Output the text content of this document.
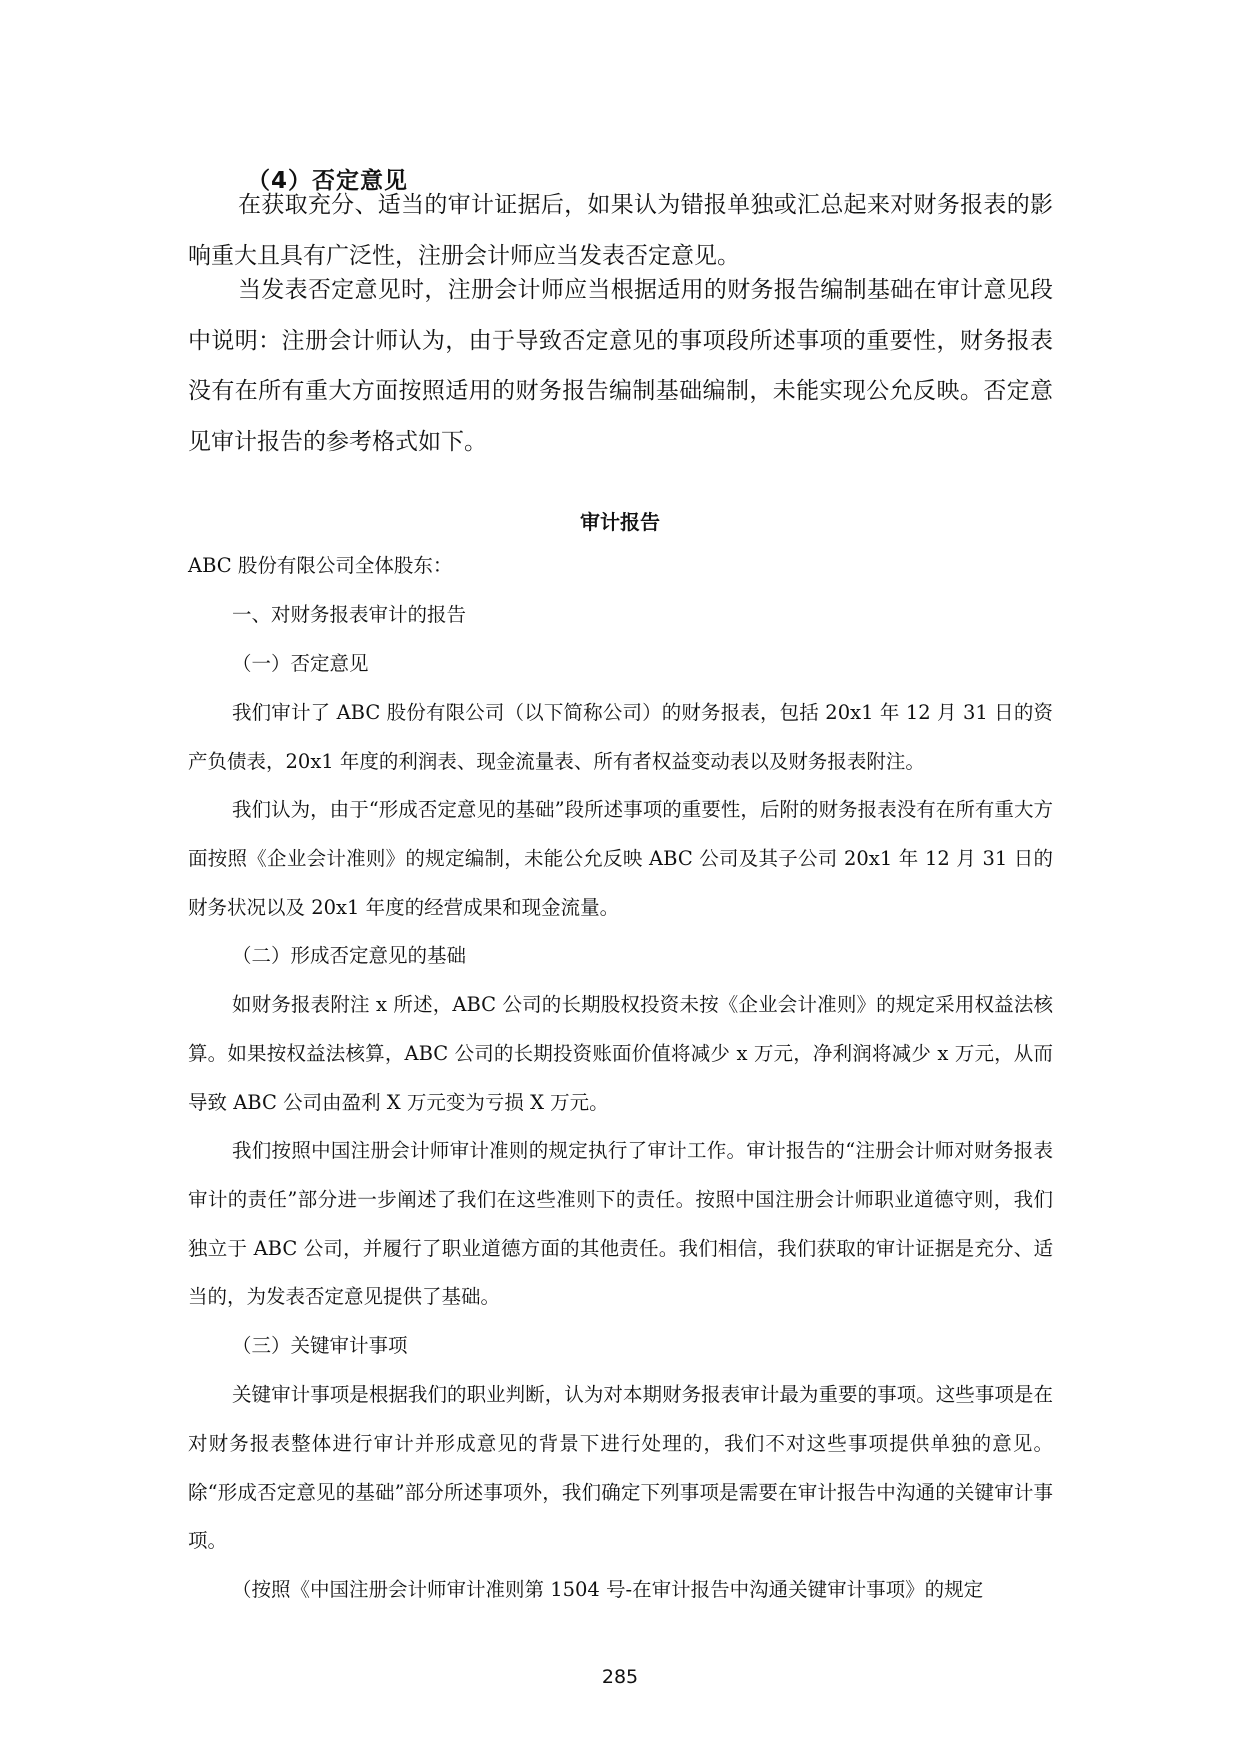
（4）否定意见
在获取充分、适当的审计证据后，如果认为错报单独或汇总起来对财务报表的影响重大且具有广泛性，注册会计师应当发表否定意见。
当发表否定意见时，注册会计师应当根据适用的财务报告编制基础在审计意见段中说明：注册会计师认为，由于导致否定意见的事项段所述事项的重要性，财务报表没有在所有重大方面按照适用的财务报告编制基础编制，未能实现公允反映。否定意见审计报告的参考格式如下。
审计报告
ABC 股份有限公司全体股东：
一、对财务报表审计的报告
（一）否定意见
我们审计了 ABC 股份有限公司（以下简称公司）的财务报表，包括 20x1 年 12 月 31 日的资产负债表，20x1 年度的利润表、现金流量表、所有者权益变动表以及财务报表附注。
我们认为，由于“形成否定意见的基础”段所述事项的重要性，后附的财务报表没有在所有重大方面按照《企业会计准则》的规定编制，未能公允反映 ABC 公司及其子公司 20x1 年 12 月 31 日的财务状况以及 20x1 年度的经营成果和现金流量。
（二）形成否定意见的基础
如财务报表附注 x 所述，ABC 公司的长期股权投资未按《企业会计准则》的规定采用权益法核算。如果按权益法核算，ABC 公司的长期投资账面价值将减少 x 万元，净利润将减少 x 万元，从而导致 ABC 公司由盈利 X 万元变为亏损 X 万元。
我们按照中国注册会计师审计准则的规定执行了审计工作。审计报告的“注册会计师对财务报表审计的责任”部分进一步阐述了我们在这些准则下的责任。按照中国注册会计师职业道德守则，我们独立于 ABC 公司，并履行了职业道德方面的其他责任。我们相信，我们获取的审计证据是充分、适当的，为发表否定意见提供了基础。
（三）关键审计事项
关键审计事项是根据我们的职业判断，认为对本期财务报表审计最为重要的事项。这些事项是在对财务报表整体进行审计并形成意见的背景下进行处理的，我们不对这些事项提供单独的意见。除“形成否定意见的基础”部分所述事项外，我们确定下列事项是需要在审计报告中沟通的关键审计事项。
（按照《中国注册会计师审计准则第 1504 号-在审计报告中沟通关键审计事项》的规定
285
